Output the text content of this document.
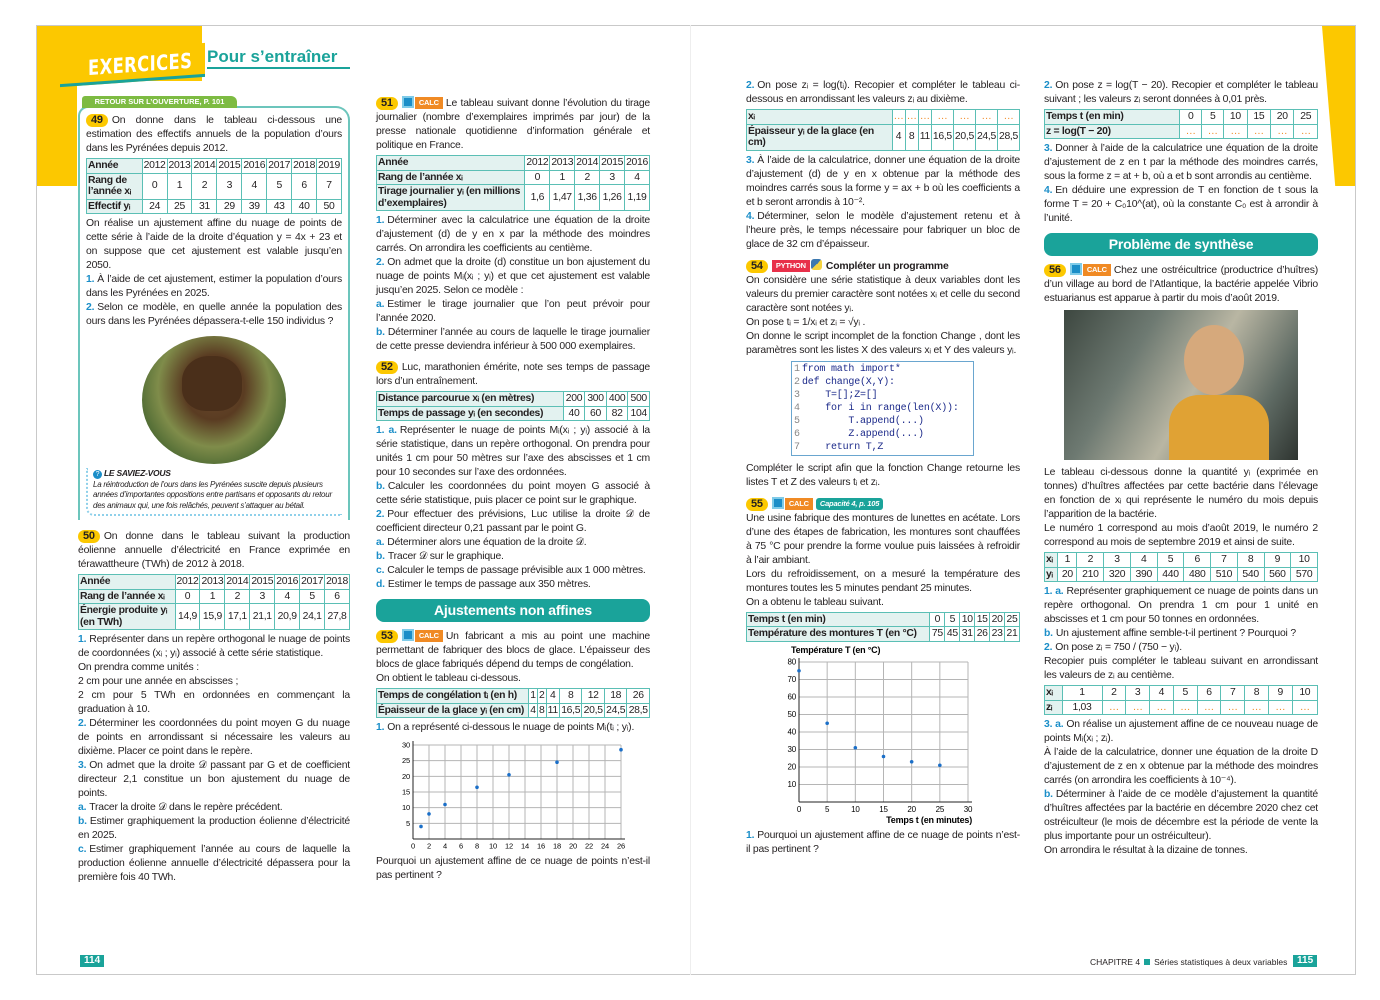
EXERCICES Pour s’entraîner
RETOUR SUR L’OUVERTURE, P. 101
49 On donne dans le tableau ci-dessous une estimation des effectifs annuels de la population d’ours dans les Pyrénées depuis 2012.
Année	2012	2013	2014	2015	2016	2017	2018	2019
Rang de l’année xᵢ	0	1	2	3	4	5	6	7
Effectif yᵢ	24	25	31	29	39	43	40	50
On réalise un ajustement affine du nuage de points de cette série à l’aide de la droite d’équation y = 4x + 23 et on suppose que cet ajustement est valable jusqu’en 2050.
1. À l’aide de cet ajustement, estimer la population d’ours dans les Pyrénées en 2025.
2. Selon ce modèle, en quelle année la population des ours dans les Pyrénées dépassera-t-elle 150 individus ?
? LE SAVIEZ-VOUS
La réintroduction de l’ours dans les Pyrénées suscite depuis plusieurs années d’importantes oppositions entre partisans et opposants du retour des animaux qui, une fois relâchés, peuvent s’attaquer au bétail.
50 On donne dans le tableau suivant la production éolienne annuelle d’électricité en France exprimée en térawattheure (TWh) de 2012 à 2018.
Année	2012	2013	2014	2015	2016	2017	2018
Rang de l’année xᵢ	0	1	2	3	4	5	6
Énergie produite yᵢ (en TWh)	14,9	15,9	17,1	21,1	20,9	24,1	27,8
1. Représenter dans un repère orthogonal le nuage de points de coordonnées (xᵢ ; yᵢ) associé à cette série statistique.
On prendra comme unités :
2 cm pour une année en abscisses ;
2 cm pour 5 TWh en ordonnées en commençant la graduation à 10.
2. Déterminer les coordonnées du point moyen G du nuage de points en arrondissant si nécessaire les valeurs au dixième. Placer ce point dans le repère.
3. On admet que la droite 𝒟 passant par G et de coefficient directeur 2,1 constitue un bon ajustement du nuage de points.
a. Tracer la droite 𝒟 dans le repère précédent.
b. Estimer graphiquement la production éolienne d’électricité en 2025.
c. Estimer graphiquement l’année au cours de laquelle la production éolienne annuelle d’électricité dépassera pour la première fois 40 TWh.
51	CALC Le tableau suivant donne l’évolution du tirage journalier (nombre d’exemplaires imprimés par jour) de la presse nationale quotidienne d’information générale et politique en France.
Année	2012	2013	2014	2015	2016
Rang de l’année xᵢ	0	1	2	3	4
Tirage journalier yᵢ (en millions d’exemplaires)	1,6	1,47	1,36	1,26	1,19
1. Déterminer avec la calculatrice une équation de la droite d’ajustement (d) de y en x par la méthode des moindres carrés. On arrondira les coefficients au centième.
2. On admet que la droite (d) constitue un bon ajustement du nuage de points Mᵢ(xᵢ ; yᵢ) et que cet ajustement est valable jusqu’en 2025. Selon ce modèle :
a. Estimer le tirage journalier que l’on peut prévoir pour l’année 2020.
b. Déterminer l’année au cours de laquelle le tirage journalier de cette presse deviendra inférieur à 500 000 exemplaires.
52 Luc, marathonien émérite, note ses temps de passage lors d’un entraînement.
Distance parcourue xᵢ (en mètres)	200	300	400	500
Temps de passage yᵢ (en secondes)	40	60	82	104
1. a. Représenter le nuage de points Mᵢ(xᵢ ; yᵢ) associé à la série statistique, dans un repère orthogonal. On prendra pour unités 1 cm pour 50 mètres sur l’axe des abscisses et 1 cm pour 10 secondes sur l’axe des ordonnées.
b. Calculer les coordonnées du point moyen G associé à cette série statistique, puis placer ce point sur le graphique.
2. Pour effectuer des prévisions, Luc utilise la droite 𝒟 de coefficient directeur 0,21 passant par le point G.
a. Déterminer alors une équation de la droite 𝒟.
b. Tracer 𝒟 sur le graphique.
c. Calculer le temps de passage prévisible aux 1 000 mètres.
d. Estimer le temps de passage aux 350 mètres.
Ajustements non affines
53	CALC Un fabricant a mis au point une machine permettant de fabriquer des blocs de glace. L’épaisseur des blocs de glace fabriqués dépend du temps de congélation.
On obtient le tableau ci-dessous.
Temps de congélation tᵢ (en h)	1	2	4	8	12	18	26
Épaisseur de la glace yᵢ (en cm)	4	8	11	16,5	20,5	24,5	28,5
1. On a représenté ci-dessous le nuage de points Mᵢ(tᵢ ; yᵢ).
0 2 4 6 8 10 12 14 16 18 20 22 24 26
5
10
15
20
25
30
Pourquoi un ajustement affine de ce nuage de points n’est-il pas pertinent ?
2. On pose zᵢ = log(tᵢ). Recopier et compléter le tableau ci-dessous en arrondissant les valeurs zᵢ au dixième.
xᵢ	…	…	…	…	…	…	…
Épaisseur yᵢ de la glace (en cm)	4	8	11	16,5	20,5	24,5	28,5
3. À l’aide de la calculatrice, donner une équation de la droite d’ajustement (d) de y en x obtenue par la méthode des moindres carrés sous la forme y = ax + b où les coefficients a et b seront arrondis à 10⁻².
4. Déterminer, selon le modèle d’ajustement retenu et à l’heure près, le temps nécessaire pour fabriquer un bloc de glace de 32 cm d’épaisseur.
54 PYTHON Compléter un programme
On considère une série statistique à deux variables dont les valeurs du premier caractère sont notées xᵢ et celle du second caractère sont notées yᵢ.
On pose tᵢ = 1/xᵢ et zᵢ = √yᵢ .
On donne le script incomplet de la fonction Change , dont les paramètres sont les listes X des valeurs xᵢ et Y des valeurs yᵢ.
1 from math import*
2 def change(X,Y):
3    T=[];Z=[]
4    for i in range(len(X)):
5        T.append(...)
6        Z.append(...)
7    return T,Z
Compléter le script afin que la fonction Change retourne les listes T et Z des valeurs tᵢ et zᵢ.
55	CALC Capacité 4, p. 105
Une usine fabrique des montures de lunettes en acétate. Lors d’une des étapes de fabrication, les montures sont chauffées à 75 °C pour prendre la forme voulue puis laissées à refroidir à l’air ambiant.
Lors du refroidissement, on a mesuré la température des montures toutes les 5 minutes pendant 25 minutes.
On a obtenu le tableau suivant.
Temps t (en min)	0	5	10	15	20	25
Température des montures T (en °C)	75	45	31	26	23	21
0	5	10 15 20 25 30
10
20
30
40
50
60
70
80
Température T (en °C)
Temps t (en minutes)
1. Pourquoi un ajustement affine de ce nuage de points n’est-il pas pertinent ?
2. On pose z = log(T − 20). Recopier et compléter le tableau suivant ; les valeurs zᵢ seront données à 0,01 près.
Temps t (en min)	0	5	10	15	20	25
z = log(T − 20)	…	…	…	…	…	…
3. Donner à l’aide de la calculatrice une équation de la droite d’ajustement de z en t par la méthode des moindres carrés, sous la forme z = at + b, où a et b sont arrondis au centième.
4. En déduire une expression de T en fonction de t sous la forme T = 20 + C₀10^(at), où la constante C₀ est à arrondir à l’unité.
Problème de synthèse
56	CALC Chez une ostréicultrice (productrice d’huîtres) d’un village au bord de l’Atlantique, la bactérie appelée Vibrio estuarianus est apparue à partir du mois d’août 2019.
Le tableau ci-dessous donne la quantité yᵢ (exprimée en tonnes) d’huîtres affectées par cette bactérie dans l’élevage en fonction de xᵢ qui représente le numéro du mois depuis l’apparition de la bactérie.
Le numéro 1 correspond au mois d’août 2019, le numéro 2 correspond au mois de septembre 2019 et ainsi de suite.
xᵢ	1	2	3	4	5	6	7	8	9	10
yᵢ	20	210	320	390	440	480	510	540	560	570
1. a. Représenter graphiquement ce nuage de points dans un repère orthogonal. On prendra 1 cm pour 1 unité en abscisses et 1 cm pour 50 tonnes en ordonnées.
b. Un ajustement affine semble-t-il pertinent ? Pourquoi ?
2. On pose zᵢ = 750 / (750 − yᵢ).
Recopier puis compléter le tableau suivant en arrondissant les valeurs de zᵢ au centième.
xᵢ	1	2	3	4	5	6	7	8	9	10
zᵢ	1,03	…	…	…	…	…	…	…	…	…
3. a. On réalise un ajustement affine de ce nouveau nuage de points Mᵢ(xᵢ ; zᵢ).
À l’aide de la calculatrice, donner une équation de la droite D d’ajustement de z en x obtenue par la méthode des moindres carrés (on arrondira les coefficients à 10⁻⁴).
b. Déterminer à l’aide de ce modèle d’ajustement la quantité d’huîtres affectées par la bactérie en décembre 2020 chez cet ostréiculteur (le mois de décembre est la période de vente la plus importante pour un ostréiculteur).
On arrondira le résultat à la dizaine de tonnes.
114	CHAPITRE 4 Séries statistiques à deux variables 115
